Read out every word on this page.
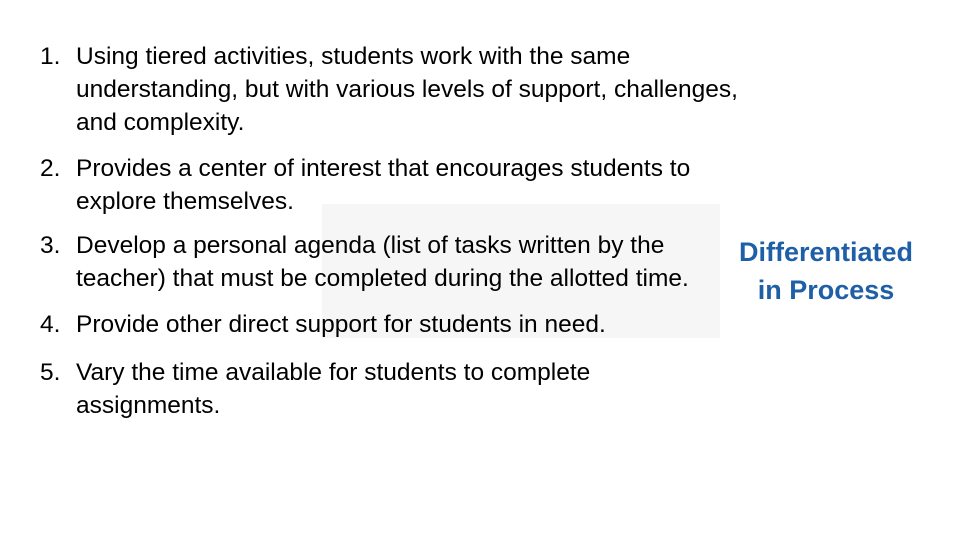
1. Using tiered activities, students work with the same understanding, but with various levels of support, challenges, and complexity.
2. Provides a center of interest that encourages students to explore themselves.
3. Develop a personal agenda (list of tasks written by the teacher) that must be completed during the allotted time.
4. Provide other direct support for students in need.
5. Vary the time available for students to complete assignments.
Differentiated
in Process
